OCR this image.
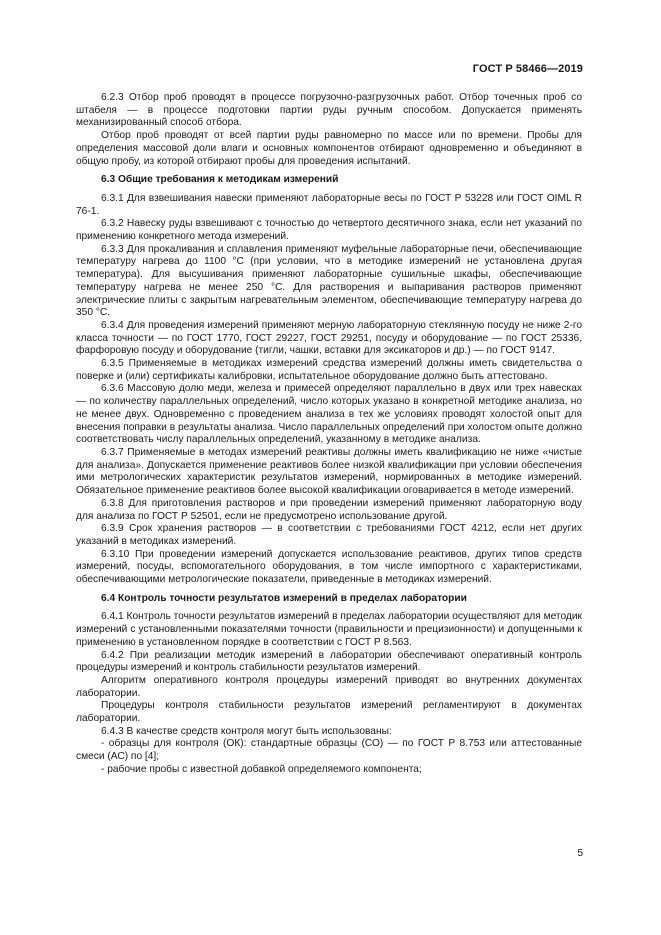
ГОСТ Р 58466—2019

6.2.3 Отбор проб проводят в процессе погрузочно-разгрузочных работ. Отбор точечных проб со штабеля — в процессе подготовки партии руды ручным способом. Допускается применять механизированный способ отбора.

Отбор проб проводят от всей партии руды равномерно по массе или по времени. Пробы для определения массовой доли влаги и основных компонентов отбирают одновременно и объединяют в общую пробу, из которой отбирают пробы для проведения испытаний.

6.3 Общие требования к методикам измерений

6.3.1 Для взвешивания навески применяют лабораторные весы по ГОСТ Р 53228 или ГОСТ OIML R 76-1.

6.3.2 Навеску руды взвешивают с точностью до четвертого десятичного знака, если нет указаний по применению конкретного метода измерений.

6.3.3 Для прокаливания и сплавления применяют муфельные лабораторные печи, обеспечивающие температуру нагрева до 1100 °С (при условии, что в методике измерений не установлена другая температура). Для высушивания применяют лабораторные сушильные шкафы, обеспечивающие температуру нагрева не менее 250 °С. Для растворения и выпаривания растворов применяют электрические плиты с закрытым нагревательным элементом, обеспечивающие температуру нагрева до 350 °С.

6.3.4 Для проведения измерений применяют мерную лабораторную стеклянную посуду не ниже 2-го класса точности — по ГОСТ 1770, ГОСТ 29227, ГОСТ 29251, посуду и оборудование — по ГОСТ 25336, фарфоровую посуду и оборудование (тигли, чашки, вставки для эксикаторов и др.) — по ГОСТ 9147.

6.3.5 Применяемые в методиках измерений средства измерений должны иметь свидетельства о поверке и (или) сертификаты калибровки, испытательное оборудование должно быть аттестовано.

6.3.6 Массовую долю меди, железа и примесей определяют параллельно в двух или трех навесках — по количеству параллельных определений, число которых указано в конкретной методике анализа, но не менее двух. Одновременно с проведением анализа в тех же условиях проводят холостой опыт для внесения поправки в результаты анализа. Число параллельных определений при холостом опыте должно соответствовать числу параллельных определений, указанному в методике анализа.

6.3.7 Применяемые в методах измерений реактивы должны иметь квалификацию не ниже «чистые для анализа». Допускается применение реактивов более низкой квалификации при условии обеспечения ими метрологических характеристик результатов измерений, нормированных в методике измерений. Обязательное применение реактивов более высокой квалификации оговаривается в методе измерений.

6.3.8 Для приготовления растворов и при проведении измерений применяют лабораторную воду для анализа по ГОСТ Р 52501, если не предусмотрено использование другой.

6.3.9 Срок хранения растворов — в соответствии с требованиями ГОСТ 4212, если нет других указаний в методиках измерений.

6.3.10 При проведении измерений допускается использование реактивов, других типов средств измерений, посуды, вспомогательного оборудования, в том числе импортного с характеристиками, обеспечивающими метрологические показатели, приведенные в методиках измерений.

6.4 Контроль точности результатов измерений в пределах лаборатории

6.4.1 Контроль точности результатов измерений в пределах лаборатории осуществляют для методик измерений с установленными показателями точности (правильности и прецизионности) и допущенными к применению в установленном порядке в соответствии с ГОСТ Р 8.563.

6.4.2 При реализации методик измерений в лаборатории обеспечивают оперативный контроль процедуры измерений и контроль стабильности результатов измерений.

Алгоритм оперативного контроля процедуры измерений приводят во внутренних документах лаборатории.

Процедуры контроля стабильности результатов измерений регламентируют в документах лаборатории.

6.4.3 В качестве средств контроля могут быть использованы:

- образцы для контроля (ОК): стандартные образцы (СО) — по ГОСТ Р 8.753 или аттестованные смеси (АС) по [4];

- рабочие пробы с известной добавкой определяемого компонента;

5
